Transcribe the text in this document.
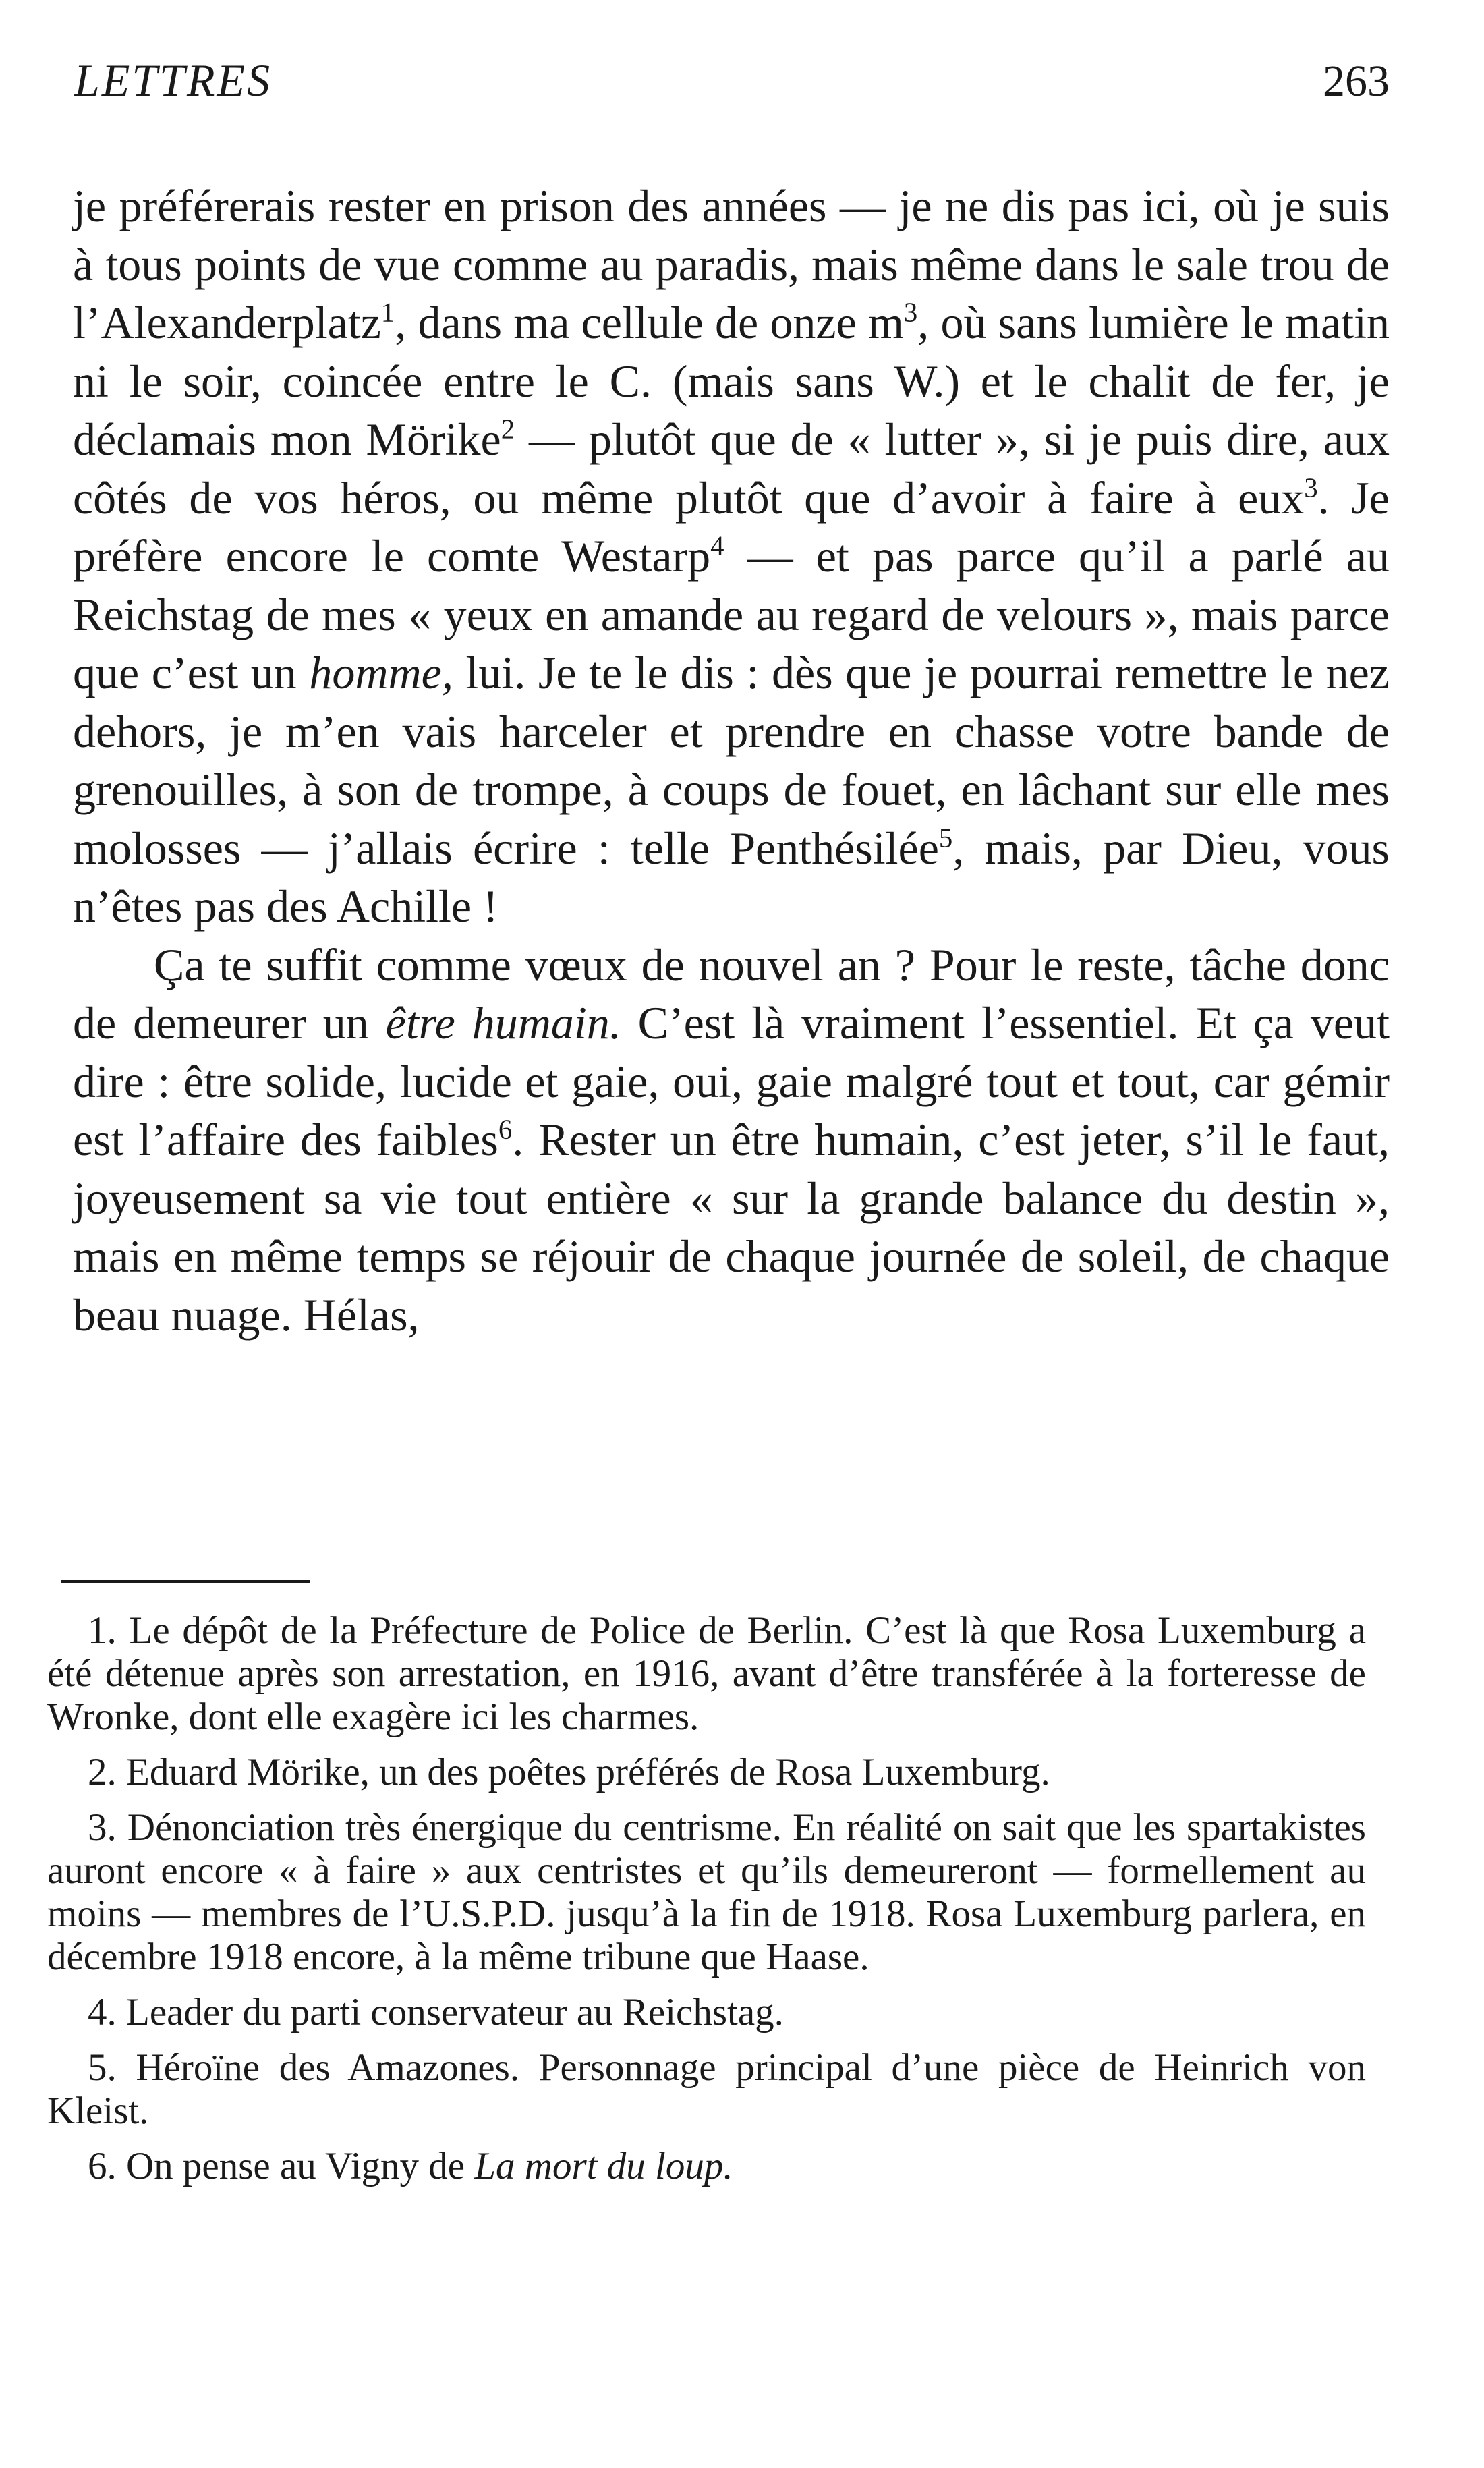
LETTRES	263

je préférerais rester en prison des années — je ne dis pas ici, où je suis à tous points de vue comme au paradis, mais même dans le sale trou de l’Alexanderplatz$^1$, dans ma cellule de onze $m^3$, où sans lumière le matin ni le soir, coincée entre le C. (mais sans W.) et le chalit de fer, je déclamais mon Mörike$^2$ — plutôt que de « lutter », si je puis dire, aux côtés de vos héros, ou même plutôt que d’avoir à faire à eux$^3$. Je préfère encore le comte Westarp$^4$ — et pas parce qu’il a parlé au Reichstag de mes « yeux en amande au regard de velours », mais parce que c’est un homme, lui. Je te le dis : dès que je pourrai remettre le nez dehors, je m’en vais harceler et prendre en chasse votre bande de grenouilles, à son de trompe, à coups de fouet, en lâchant sur elle mes molosses — j’allais écrire : telle Penthésilée$^5$, mais, par Dieu, vous n’êtes pas des Achille !

Ça te suffit comme vœux de nouvel an ? Pour le reste, tâche donc de demeurer un être humain. C’est là vraiment l’essentiel. Et ça veut dire : être solide, lucide et gaie, oui, gaie malgré tout et tout, car gémir est l’affaire des faibles$^6$. Rester un être humain, c’est jeter, s’il le faut, joyeusement sa vie tout entière « sur la grande balance du destin », mais en même temps se réjouir de chaque journée de soleil, de chaque beau nuage. Hélas,

1. Le dépôt de la Préfecture de Police de Berlin. C’est là que Rosa Luxemburg a été détenue après son arrestation, en 1916, avant d’être transférée à la forteresse de Wronke, dont elle exagère ici les charmes.

2. Eduard Mörike, un des poêtes préférés de Rosa Luxemburg.

3. Dénonciation très énergique du centrisme. En réalité on sait que les spartakistes auront encore « à faire » aux centristes et qu’ils demeureront — formellement au moins — membres de l’U.S.P.D. jusqu’à la fin de 1918. Rosa Luxemburg parlera, en décembre 1918 encore, à la même tribune que Haase.

4. Leader du parti conservateur au Reichstag.

5. Héroïne des Amazones. Personnage principal d’une pièce de Heinrich von Kleist.

6. On pense au Vigny de La mort du loup.
